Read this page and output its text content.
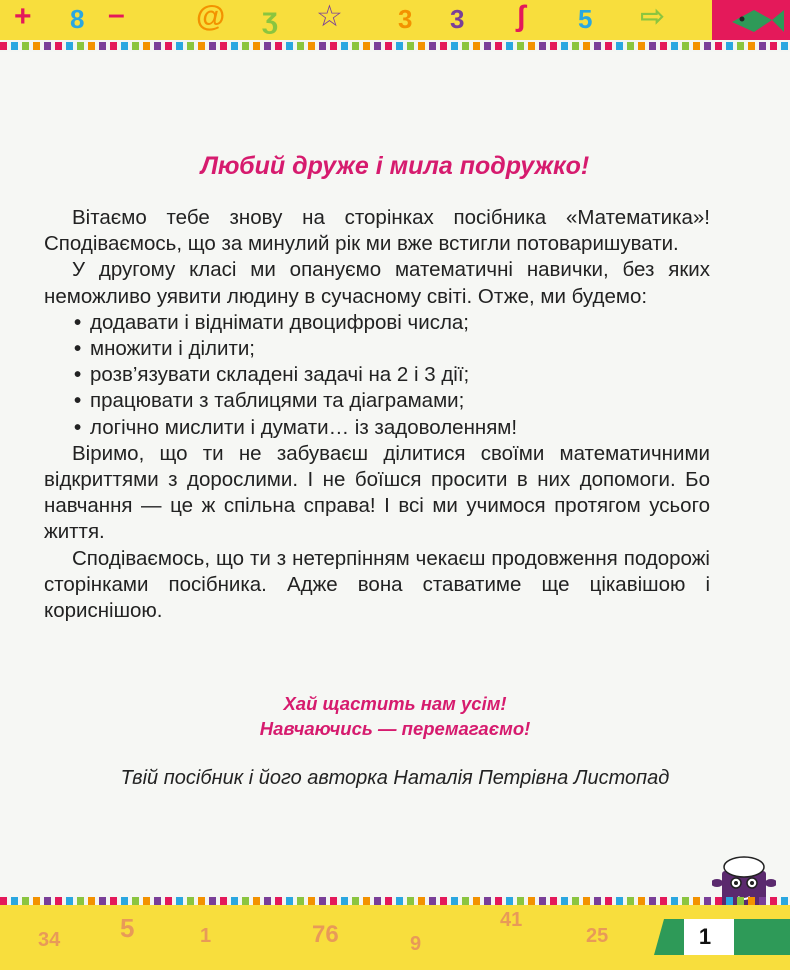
+ 8 – @ ʒ ☆ 3 3 ʃ 5 ⇨
Любий друже і мила подружко!

Вітаємо тебе знову на сторінках посібника «Математика»! Сподіваємось, що за минулий рік ми вже встигли потоваришувати.

У другому класі ми опануємо математичні навички, без яких неможливо уявити людину в сучасному світі. Отже, ми будемо:

• додавати і віднімати двоцифрові числа;
• множити і ділити;
• розв’язувати складені задачі на 2 і 3 дії;
• працювати з таблицями та діаграмами;
• логічно мислити і думати… із задоволенням!

Віримо, що ти не забуваєш ділитися своїми математичними відкриттями з дорослими. І не боїшся просити в них допомоги. Бо навчання — це ж спільна справа! І всі ми учимося протягом усього життя.

Сподіваємось, що ти з нетерпінням чекаєш продовження подорожі сторінками посібника. Адже вона ставатиме ще цікавішою і кориснішою.

Хай щастить нам усім!
Навчаючись — перемагаємо!
Твій посібник і його авторка Наталія Петрівна Листопад
34 5	1	76	9
41
25	1
